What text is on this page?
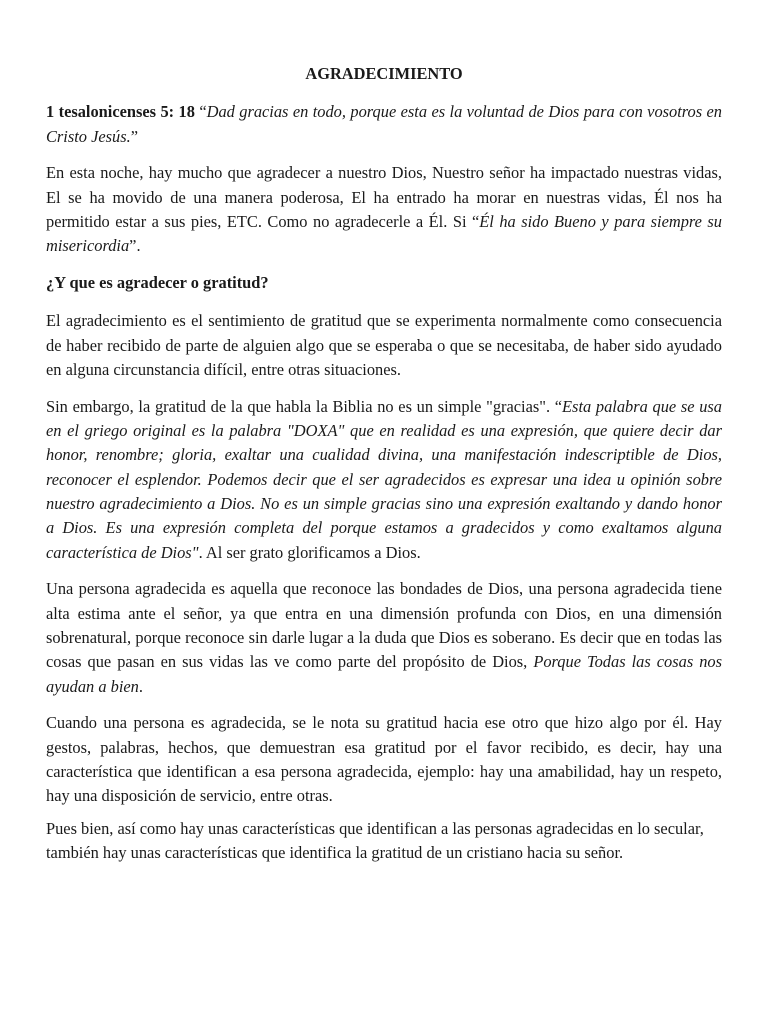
AGRADECIMIENTO

1 tesalonicenses 5: 18 “Dad gracias en todo, porque esta es la voluntad de Dios para con vosotros en Cristo Jesús.”

En esta noche, hay mucho que agradecer a nuestro Dios, Nuestro señor ha impactado nuestras vidas, El se ha movido de una manera poderosa, El ha entrado ha morar en nuestras vidas, Él nos ha permitido estar a sus pies, ETC. Como no agradecerle a Él. Si “Él ha sido Bueno y para siempre su misericordia”.

¿Y que es agradecer o gratitud?

El agradecimiento es el sentimiento de gratitud que se experimenta normalmente como consecuencia de haber recibido de parte de alguien algo que se esperaba o que se necesitaba, de haber sido ayudado en alguna circunstancia difícil, entre otras situaciones.

Sin embargo, la gratitud de la que habla la Biblia no es un simple "gracias". “Esta palabra que se usa en el griego original es la palabra "DOXA" que en realidad es una expresión, que quiere decir dar honor, renombre; gloria, exaltar una cualidad divina, una manifestación indescriptible de Dios, reconocer el esplendor. Podemos decir que el ser agradecidos es expresar una idea u opinión sobre nuestro agradecimiento a Dios. No es un simple gracias sino una expresión exaltando y dando honor a Dios. Es una expresión completa del porque estamos a gradecidos y como exaltamos alguna característica de Dios". Al ser grato glorificamos a Dios.

Una persona agradecida es aquella que reconoce las bondades de Dios, una persona agradecida tiene alta estima ante el señor, ya que entra en una dimensión profunda con Dios, en una dimensión sobrenatural, porque reconoce sin darle lugar a la duda que Dios es soberano. Es decir que en todas las cosas que pasan en sus vidas las ve como parte del propósito de Dios, Porque Todas las cosas nos ayudan a bien.

Cuando una persona es agradecida, se le nota su gratitud hacia ese otro que hizo algo por él. Hay gestos, palabras, hechos, que demuestran esa gratitud por el favor recibido, es decir, hay una característica que identifican a esa persona agradecida, ejemplo: hay una amabilidad, hay un respeto, hay una disposición de servicio, entre otras.

Pues bien, así como hay unas características que identifican a las personas agradecidas en lo secular, también hay unas características que identifica la gratitud de un cristiano hacia su señor.
